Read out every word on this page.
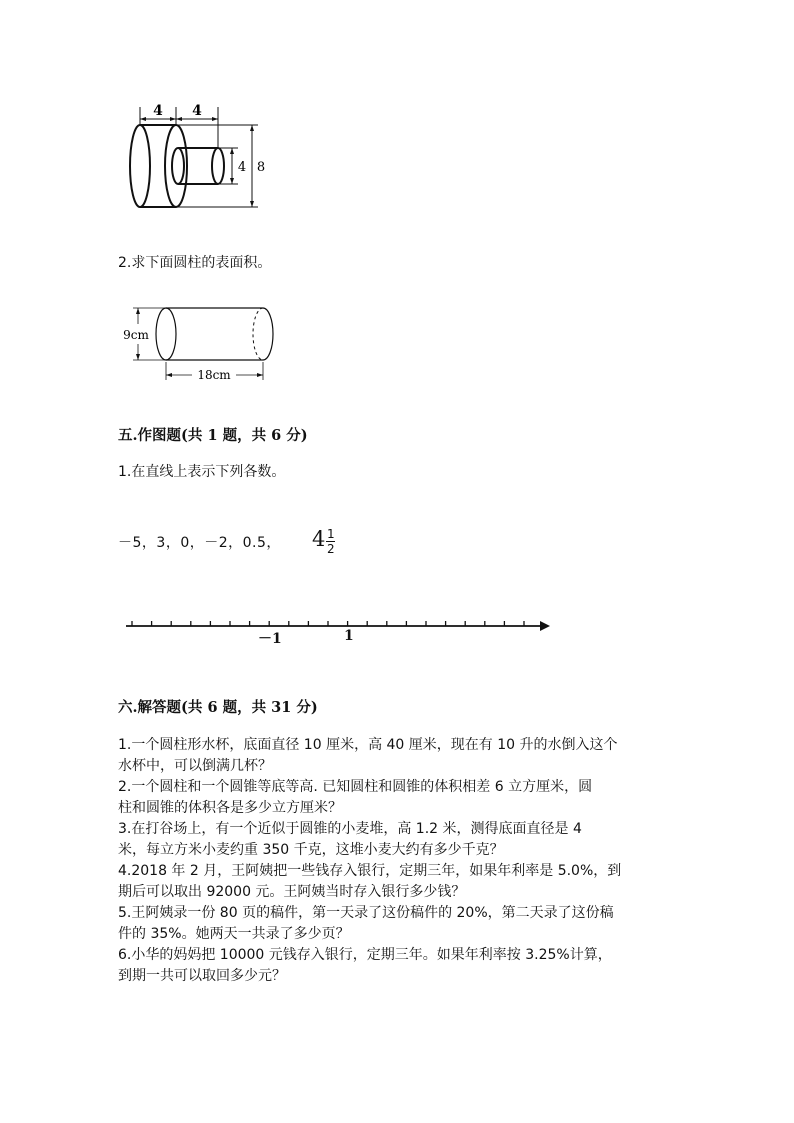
4 4
4 8
2.求下面圆柱的表面积。
9cm
18cm
五.作图题(共 1 题，共 6 分)
1.在直线上表示下列各数。
－5，3，0，－2，0.5， $4\frac{1}{2}$
－1	1
六.解答题(共 6 题，共 31 分)
1.一个圆柱形水杯，底面直径 10 厘米，高 40 厘米，现在有 10 升的水倒入这个
水杯中，可以倒满几杯？
2.一个圆柱和一个圆锥等底等高. 已知圆柱和圆锥的体积相差 6 立方厘米，圆
柱和圆锥的体积各是多少立方厘米？
3.在打谷场上，有一个近似于圆锥的小麦堆，高 1.2 米，测得底面直径是 4
米，每立方米小麦约重 350 千克，这堆小麦大约有多少千克？
4.2018 年 2 月，王阿姨把一些钱存入银行，定期三年，如果年利率是 5.0%，到
期后可以取出 92000 元。王阿姨当时存入银行多少钱？
5.王阿姨录一份 80 页的稿件，第一天录了这份稿件的 20%，第二天录了这份稿
件的 35%。她两天一共录了多少页？
6.小华的妈妈把 10000 元钱存入银行，定期三年。如果年利率按 3.25%计算，
到期一共可以取回多少元？
